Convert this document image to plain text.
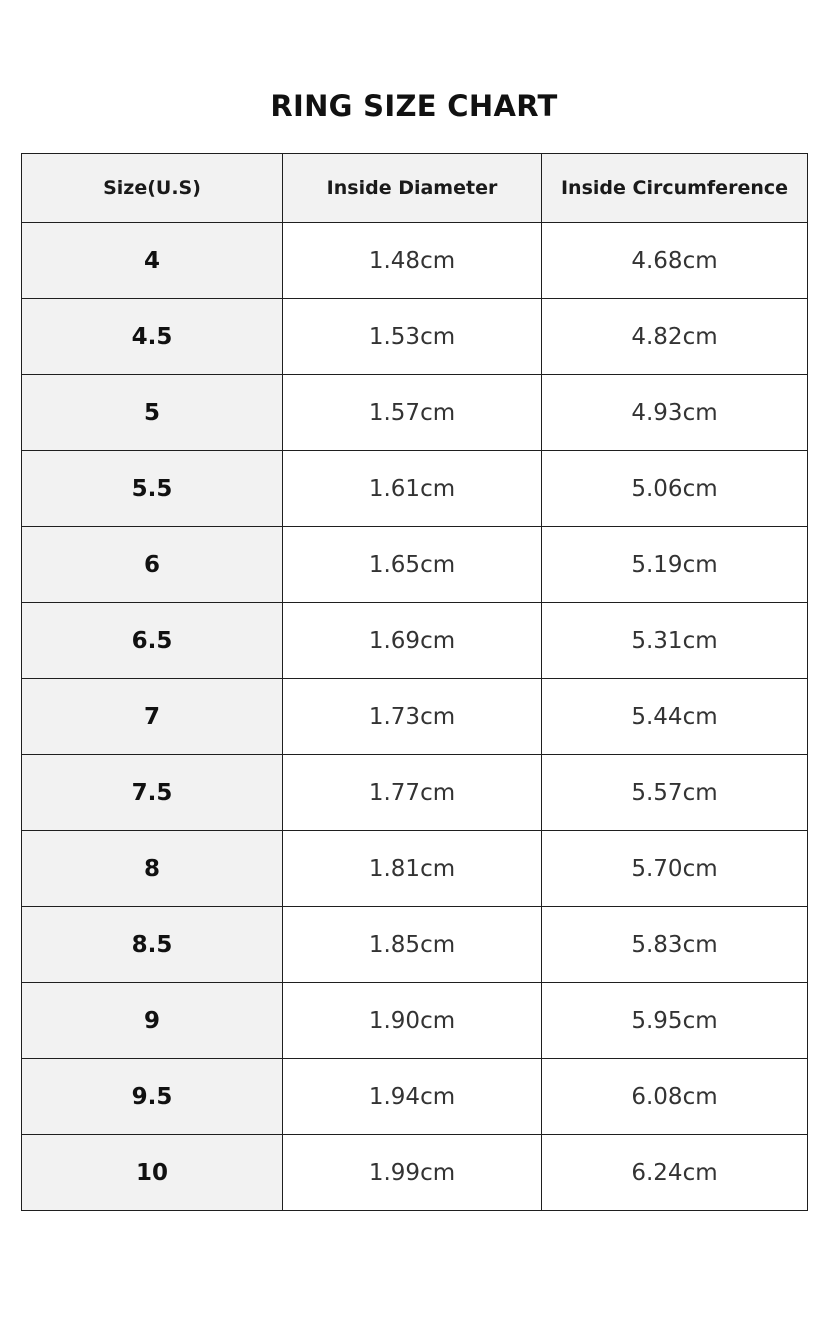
RING SIZE CHART
Size(U.S)	Inside Diameter	Inside Circumference
4	1.48cm	4.68cm
4.5	1.53cm	4.82cm
5	1.57cm	4.93cm
5.5	1.61cm	5.06cm
6	1.65cm	5.19cm
6.5	1.69cm	5.31cm
7	1.73cm	5.44cm
7.5	1.77cm	5.57cm
8	1.81cm	5.70cm
8.5	1.85cm	5.83cm
9	1.90cm	5.95cm
9.5	1.94cm	6.08cm
10	1.99cm	6.24cm
